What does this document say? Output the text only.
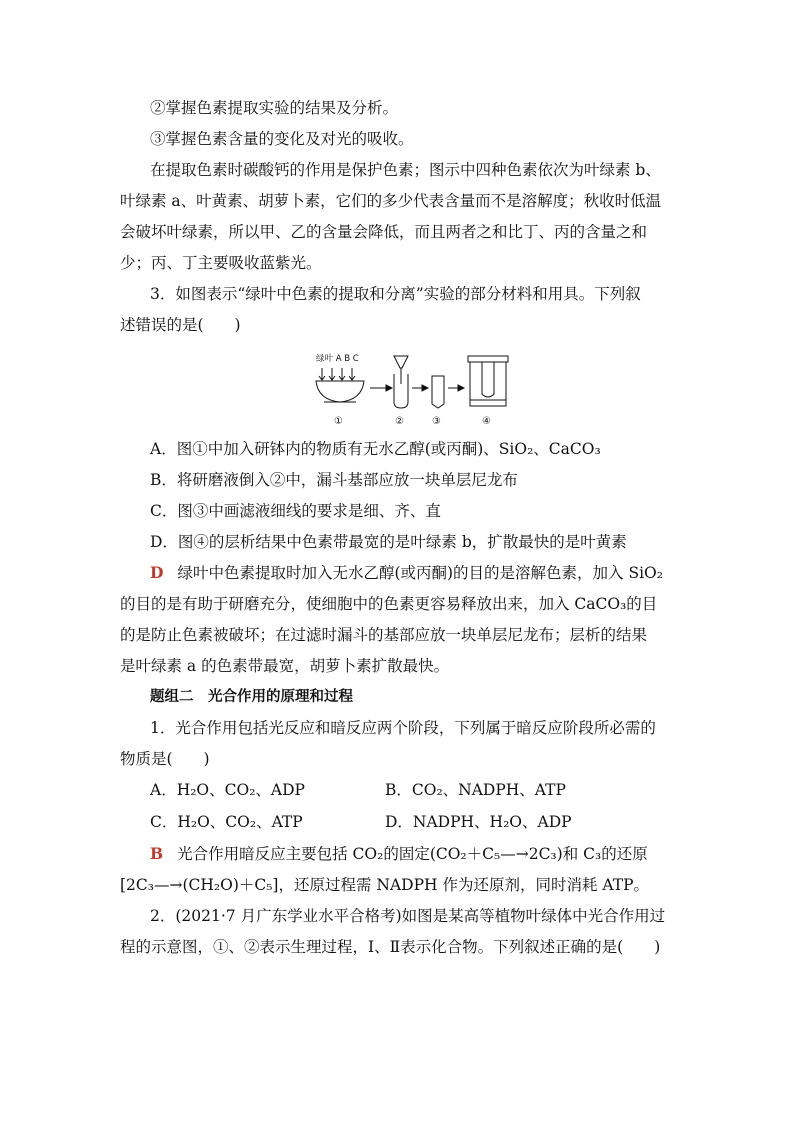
②掌握色素提取实验的结果及分析。
③掌握色素含量的变化及对光的吸收。
在提取色素时碳酸钙的作用是保护色素；图示中四种色素依次为叶绿素 b、
叶绿素 a、叶黄素、胡萝卜素，它们的多少代表含量而不是溶解度；秋收时低温
会破坏叶绿素，所以甲、乙的含量会降低，而且两者之和比丁、丙的含量之和
少；丙、丁主要吸收蓝紫光。
3．如图表示“绿叶中色素的提取和分离”实验的部分材料和用具。下列叙
述错误的是(　　)
绿叶 A B C
①	②	③	④
A．图①中加入研钵内的物质有无水乙醇(或丙酮)、SiO₂、CaCO₃
B．将研磨液倒入②中，漏斗基部应放一块单层尼龙布
C．图③中画滤液细线的要求是细、齐、直
D．图④的层析结果中色素带最宽的是叶绿素 b，扩散最快的是叶黄素
D 绿叶中色素提取时加入无水乙醇(或丙酮)的目的是溶解色素，加入 SiO₂
的目的是有助于研磨充分，使细胞中的色素更容易释放出来，加入 CaCO₃的目
的是防止色素被破坏；在过滤时漏斗的基部应放一块单层尼龙布；层析的结果
是叶绿素 a 的色素带最宽，胡萝卜素扩散最快。
题组二　光合作用的原理和过程
1．光合作用包括光反应和暗反应两个阶段，下列属于暗反应阶段所必需的
物质是(　　)
A．H₂O、CO₂、ADP	B．CO₂、NADPH、ATP
C．H₂O、CO₂、ATP	D．NADPH、H₂O、ADP
B 光合作用暗反应主要包括 CO₂的固定(CO₂＋C₅—→2C₃)和 C₃的还原
[2C₃—→(CH₂O)＋C₅]，还原过程需 NADPH 作为还原剂，同时消耗 ATP。
2．(2021·7 月广东学业水平合格考)如图是某高等植物叶绿体中光合作用过
程的示意图，①、②表示生理过程，Ⅰ、Ⅱ表示化合物。下列叙述正确的是(　　)
